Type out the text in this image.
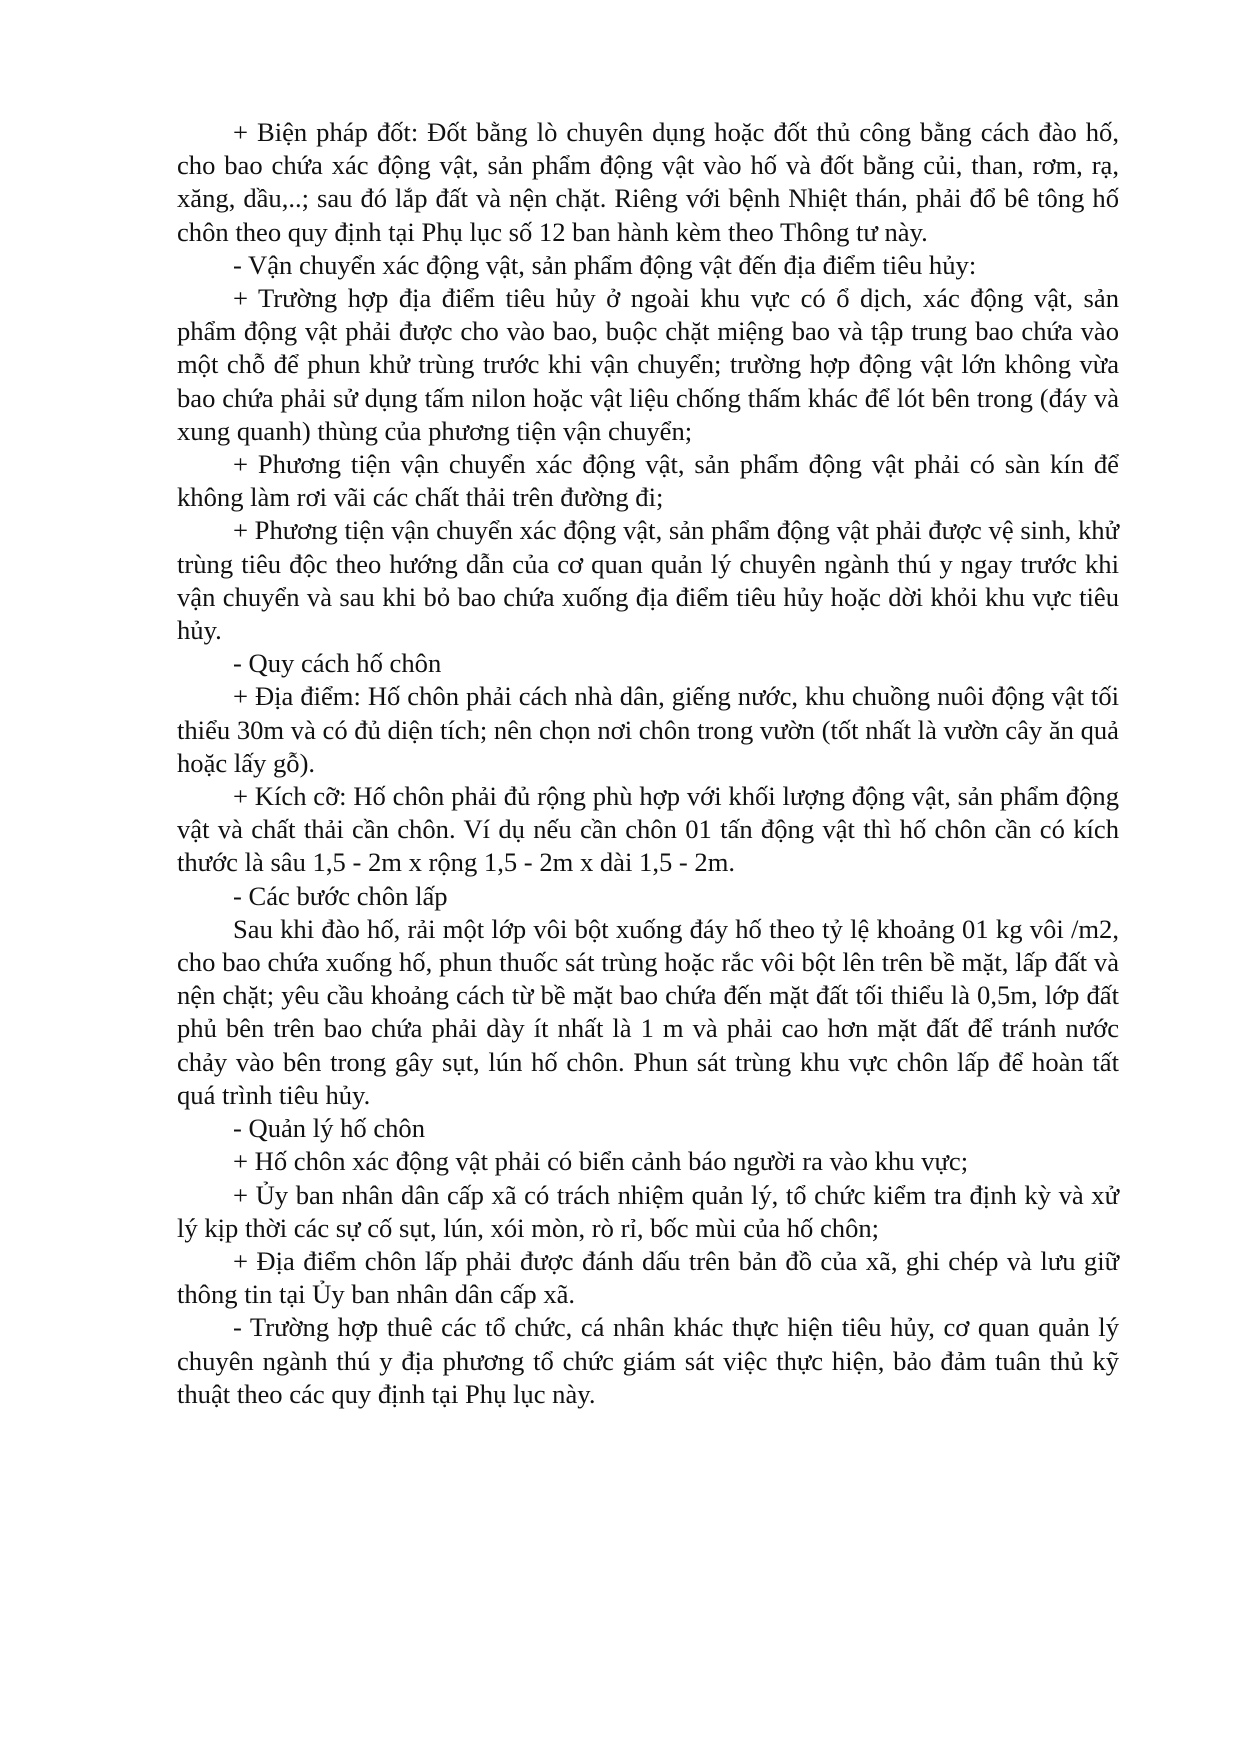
+ Biện pháp đốt: Đốt bằng lò chuyên dụng hoặc đốt thủ công bằng cách đào hố, cho bao chứa xác động vật, sản phẩm động vật vào hố và đốt bằng củi, than, rơm, rạ, xăng, dầu,..; sau đó lắp đất và nện chặt. Riêng với bệnh Nhiệt thán, phải đổ bê tông hố chôn theo quy định tại Phụ lục số 12 ban hành kèm theo Thông tư này.

- Vận chuyển xác động vật, sản phẩm động vật đến địa điểm tiêu hủy:

+ Trường hợp địa điểm tiêu hủy ở ngoài khu vực có ổ dịch, xác động vật, sản phẩm động vật phải được cho vào bao, buộc chặt miệng bao và tập trung bao chứa vào một chỗ để phun khử trùng trước khi vận chuyển; trường hợp động vật lớn không vừa bao chứa phải sử dụng tấm nilon hoặc vật liệu chống thấm khác để lót bên trong (đáy và xung quanh) thùng của phương tiện vận chuyển;

+ Phương tiện vận chuyển xác động vật, sản phẩm động vật phải có sàn kín để không làm rơi vãi các chất thải trên đường đi;

+ Phương tiện vận chuyển xác động vật, sản phẩm động vật phải được vệ sinh, khử trùng tiêu độc theo hướng dẫn của cơ quan quản lý chuyên ngành thú y ngay trước khi vận chuyển và sau khi bỏ bao chứa xuống địa điểm tiêu hủy hoặc dời khỏi khu vực tiêu hủy.

- Quy cách hố chôn

+ Địa điểm: Hố chôn phải cách nhà dân, giếng nước, khu chuồng nuôi động vật tối thiểu 30m và có đủ diện tích; nên chọn nơi chôn trong vườn (tốt nhất là vườn cây ăn quả hoặc lấy gỗ).

+ Kích cỡ: Hố chôn phải đủ rộng phù hợp với khối lượng động vật, sản phẩm động vật và chất thải cần chôn. Ví dụ nếu cần chôn 01 tấn động vật thì hố chôn cần có kích thước là sâu 1,5 - 2m x rộng 1,5 - 2m x dài 1,5 - 2m.

- Các bước chôn lấp

Sau khi đào hố, rải một lớp vôi bột xuống đáy hố theo tỷ lệ khoảng 01 kg vôi /m2, cho bao chứa xuống hố, phun thuốc sát trùng hoặc rắc vôi bột lên trên bề mặt, lấp đất và nện chặt; yêu cầu khoảng cách từ bề mặt bao chứa đến mặt đất tối thiểu là 0,5m, lớp đất phủ bên trên bao chứa phải dày ít nhất là 1 m và phải cao hơn mặt đất để tránh nước chảy vào bên trong gây sụt, lún hố chôn. Phun sát trùng khu vực chôn lấp để hoàn tất quá trình tiêu hủy.

- Quản lý hố chôn

+ Hố chôn xác động vật phải có biển cảnh báo người ra vào khu vực;

+ Ủy ban nhân dân cấp xã có trách nhiệm quản lý, tổ chức kiểm tra định kỳ và xử lý kịp thời các sự cố sụt, lún, xói mòn, rò rỉ, bốc mùi của hố chôn;

+ Địa điểm chôn lấp phải được đánh dấu trên bản đồ của xã, ghi chép và lưu giữ thông tin tại Ủy ban nhân dân cấp xã.

- Trường hợp thuê các tổ chức, cá nhân khác thực hiện tiêu hủy, cơ quan quản lý chuyên ngành thú y địa phương tổ chức giám sát việc thực hiện, bảo đảm tuân thủ kỹ thuật theo các quy định tại Phụ lục này.
